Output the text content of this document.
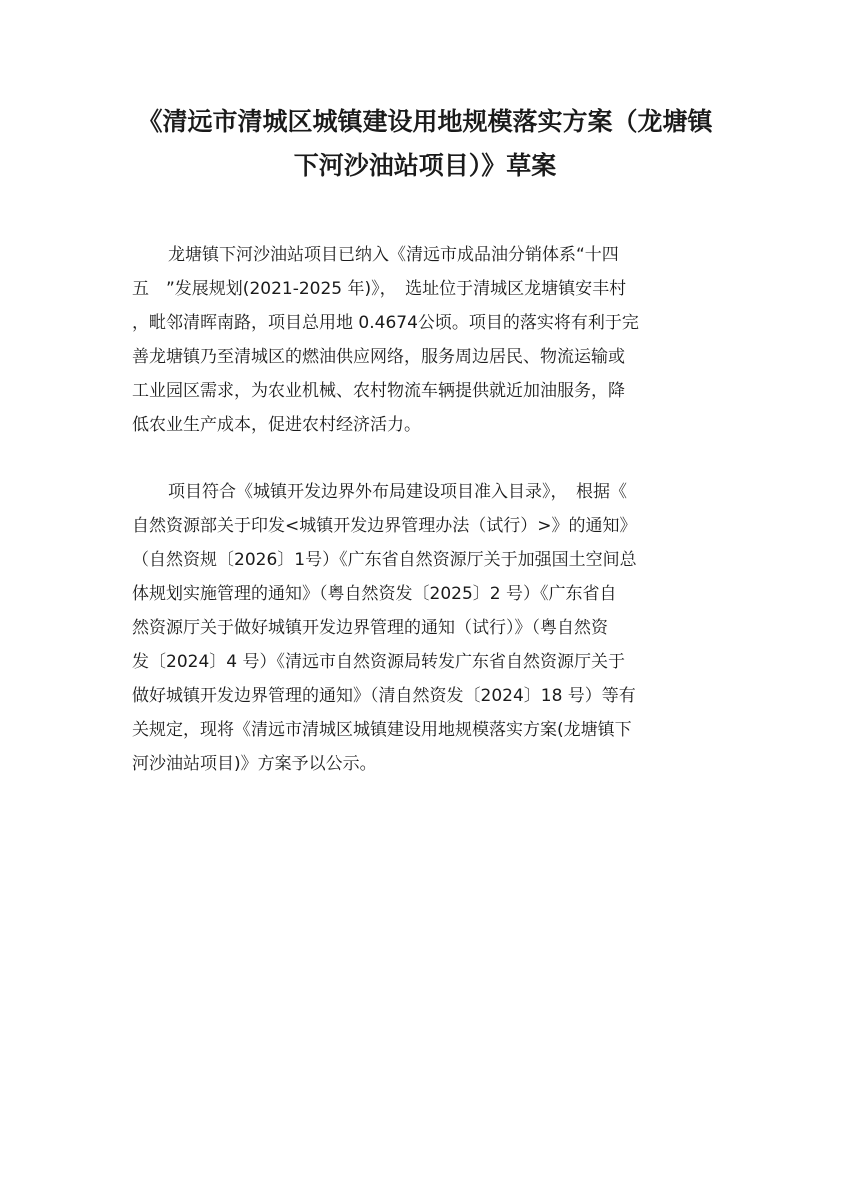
《清远市清城区城镇建设用地规模落实方案（龙塘镇
下河沙油站项目）》草案
龙塘镇下河沙油站项目已纳入《清远市成品油分销体系“十四
五　”发展规划(2021-2025 年)》，　选址位于清城区龙塘镇安丰村
，毗邻清晖南路，项目总用地 0.4674公顷。项目的落实将有利于完
善龙塘镇乃至清城区的燃油供应网络，服务周边居民、物流运输或
工业园区需求，为农业机械、农村物流车辆提供就近加油服务，降
低农业生产成本，促进农村经济活力。
项目符合《城镇开发边界外布局建设项目准入目录》，　根据《
自然资源部关于印发<城镇开发边界管理办法（试行）>》的通知》
（自然资规〔2026〕1号）《广东省自然资源厅关于加强国土空间总
体规划实施管理的通知》（粤自然资发〔2025〕2 号）《广东省自
然资源厅关于做好城镇开发边界管理的通知（试行）》（粤自然资
发〔2024〕4 号）《清远市自然资源局转发广东省自然资源厅关于
做好城镇开发边界管理的通知》（清自然资发〔2024〕18 号）等有
关规定，现将《清远市清城区城镇建设用地规模落实方案(龙塘镇下
河沙油站项目)》方案予以公示。
